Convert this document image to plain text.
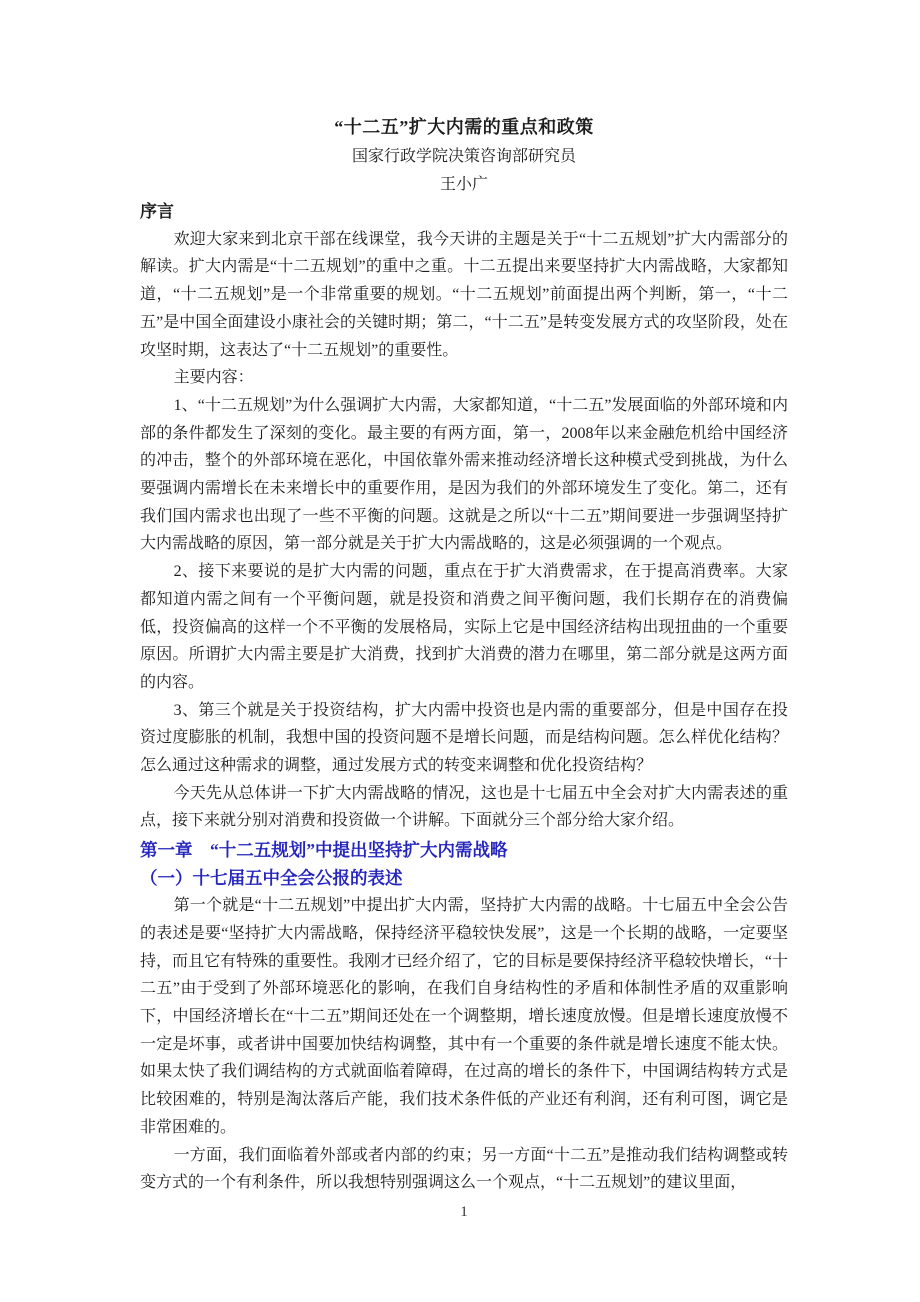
“十二五”扩大内需的重点和政策
国家行政学院决策咨询部研究员
王小广
序言

欢迎大家来到北京干部在线课堂，我今天讲的主题是关于“十二五规划”扩大内需部分的解读。扩大内需是“十二五规划”的重中之重。十二五提出来要坚持扩大内需战略，大家都知道，“十二五规划”是一个非常重要的规划。“十二五规划”前面提出两个判断，第一，“十二五”是中国全面建设小康社会的关键时期；第二，“十二五”是转变发展方式的攻坚阶段，处在攻坚时期，这表达了“十二五规划”的重要性。

主要内容：

1、“十二五规划”为什么强调扩大内需，大家都知道，“十二五”发展面临的外部环境和内部的条件都发生了深刻的变化。最主要的有两方面，第一，2008年以来金融危机给中国经济的冲击，整个的外部环境在恶化，中国依靠外需来推动经济增长这种模式受到挑战，为什么要强调内需增长在未来增长中的重要作用，是因为我们的外部环境发生了变化。第二，还有我们国内需求也出现了一些不平衡的问题。这就是之所以“十二五”期间要进一步强调坚持扩大内需战略的原因，第一部分就是关于扩大内需战略的，这是必须强调的一个观点。

2、接下来要说的是扩大内需的问题，重点在于扩大消费需求，在于提高消费率。大家都知道内需之间有一个平衡问题，就是投资和消费之间平衡问题，我们长期存在的消费偏低，投资偏高的这样一个不平衡的发展格局，实际上它是中国经济结构出现扭曲的一个重要原因。所谓扩大内需主要是扩大消费，找到扩大消费的潜力在哪里，第二部分就是这两方面的内容。

3、第三个就是关于投资结构，扩大内需中投资也是内需的重要部分，但是中国存在投资过度膨胀的机制，我想中国的投资问题不是增长问题，而是结构问题。怎么样优化结构？怎么通过这种需求的调整，通过发展方式的转变来调整和优化投资结构？

今天先从总体讲一下扩大内需战略的情况，这也是十七届五中全会对扩大内需表述的重点，接下来就分别对消费和投资做一个讲解。下面就分三个部分给大家介绍。

第一章　“十二五规划”中提出坚持扩大内需战略
（一）十七届五中全会公报的表述

第一个就是“十二五规划”中提出扩大内需，坚持扩大内需的战略。十七届五中全会公告的表述是要“坚持扩大内需战略，保持经济平稳较快发展”，这是一个长期的战略，一定要坚持，而且它有特殊的重要性。我刚才已经介绍了，它的目标是要保持经济平稳较快增长，“十二五”由于受到了外部环境恶化的影响，在我们自身结构性的矛盾和体制性矛盾的双重影响下，中国经济增长在“十二五”期间还处在一个调整期，增长速度放慢。但是增长速度放慢不一定是坏事，或者讲中国要加快结构调整，其中有一个重要的条件就是增长速度不能太快。如果太快了我们调结构的方式就面临着障碍，在过高的增长的条件下，中国调结构转方式是比较困难的，特别是淘汰落后产能，我们技术条件低的产业还有利润，还有利可图，调它是非常困难的。

一方面，我们面临着外部或者内部的约束；另一方面“十二五”是推动我们结构调整或转变方式的一个有利条件，所以我想特别强调这么一个观点，“十二五规划”的建议里面，

1
